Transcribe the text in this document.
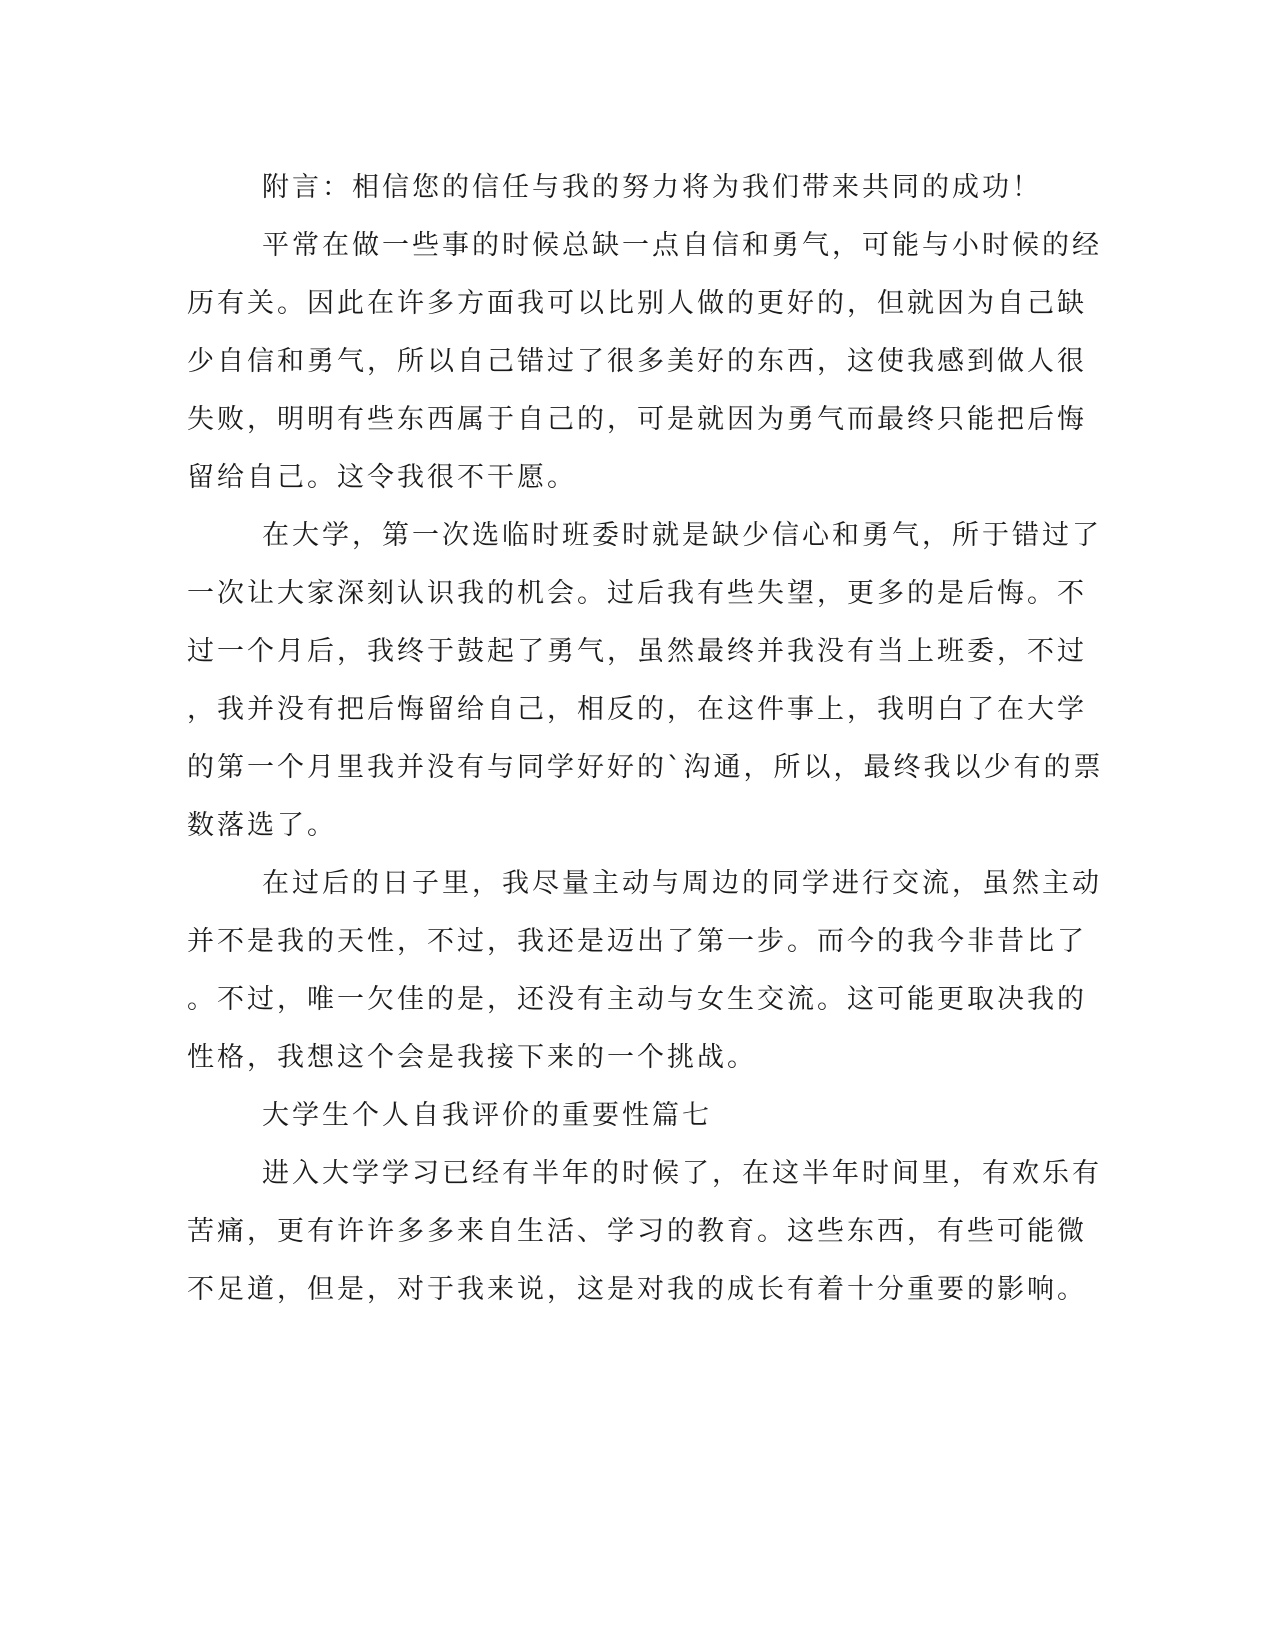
附言：相信您的信任与我的努力将为我们带来共同的成功！
平常在做一些事的时候总缺一点自信和勇气，可能与小时候的经
历有关。因此在许多方面我可以比别人做的更好的，但就因为自己缺
少自信和勇气，所以自己错过了很多美好的东西，这使我感到做人很
失败，明明有些东西属于自己的，可是就因为勇气而最终只能把后悔
留给自己。这令我很不干愿。
在大学，第一次选临时班委时就是缺少信心和勇气，所于错过了
一次让大家深刻认识我的机会。过后我有些失望，更多的是后悔。不
过一个月后，我终于鼓起了勇气，虽然最终并我没有当上班委，不过
，我并没有把后悔留给自己，相反的，在这件事上，我明白了在大学
的第一个月里我并没有与同学好好的`沟通，所以，最终我以少有的票
数落选了。
在过后的日子里，我尽量主动与周边的同学进行交流，虽然主动
并不是我的天性，不过，我还是迈出了第一步。而今的我今非昔比了
。不过，唯一欠佳的是，还没有主动与女生交流。这可能更取决我的
性格，我想这个会是我接下来的一个挑战。
大学生个人自我评价的重要性篇七
进入大学学习已经有半年的时候了，在这半年时间里，有欢乐有
苦痛，更有许许多多来自生活、学习的教育。这些东西，有些可能微
不足道，但是，对于我来说，这是对我的成长有着十分重要的影响。
